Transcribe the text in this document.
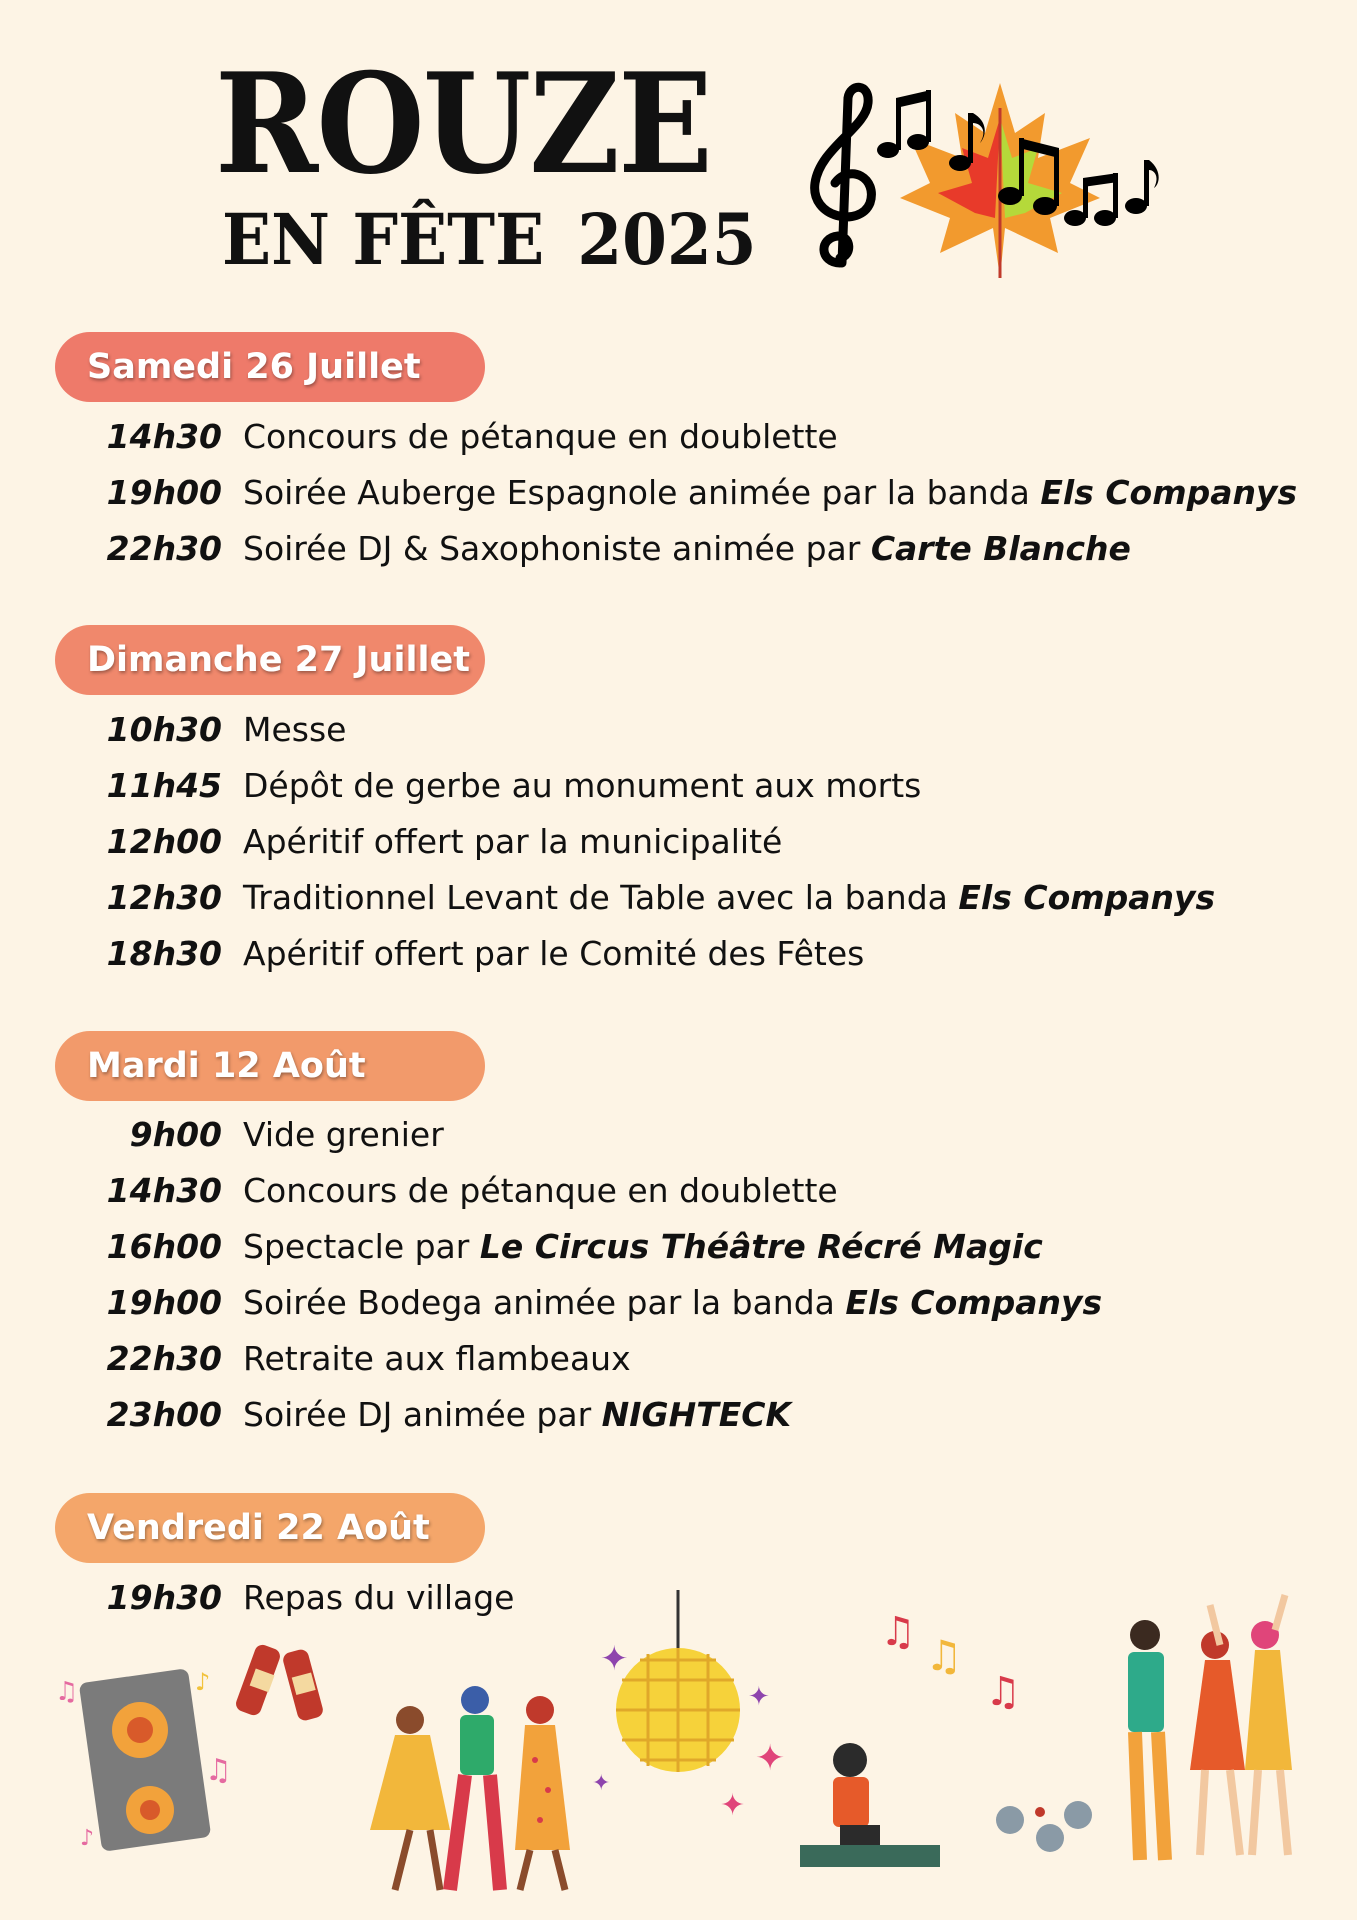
ROUZE
EN FÊTE 2025
Samedi 26 Juillet
14h30 Concours de pétanque en doublette
19h00 Soirée Auberge Espagnole animée par la banda Els Companys
22h30 Soirée DJ & Saxophoniste animée par Carte Blanche
Dimanche 27 Juillet
10h30 Messe
11h45 Dépôt de gerbe au monument aux morts
12h00 Apéritif offert par la municipalité
12h30 Traditionnel Levant de Table avec la banda Els Companys
18h30 Apéritif offert par le Comité des Fêtes
Mardi 12 Août
9h00 Vide grenier
14h30 Concours de pétanque en doublette
16h00 Spectacle par Le Circus Théâtre Récré Magic
19h00 Soirée Bodega animée par la banda Els Companys
22h30 Retraite aux flambeaux
23h00 Soirée DJ animée par NIGHTECK
Vendredi 22 Août
19h30 Repas du village
♫	♪
♫
♪
✦
✦
✦
✦
✦
♫ ♫
♫
